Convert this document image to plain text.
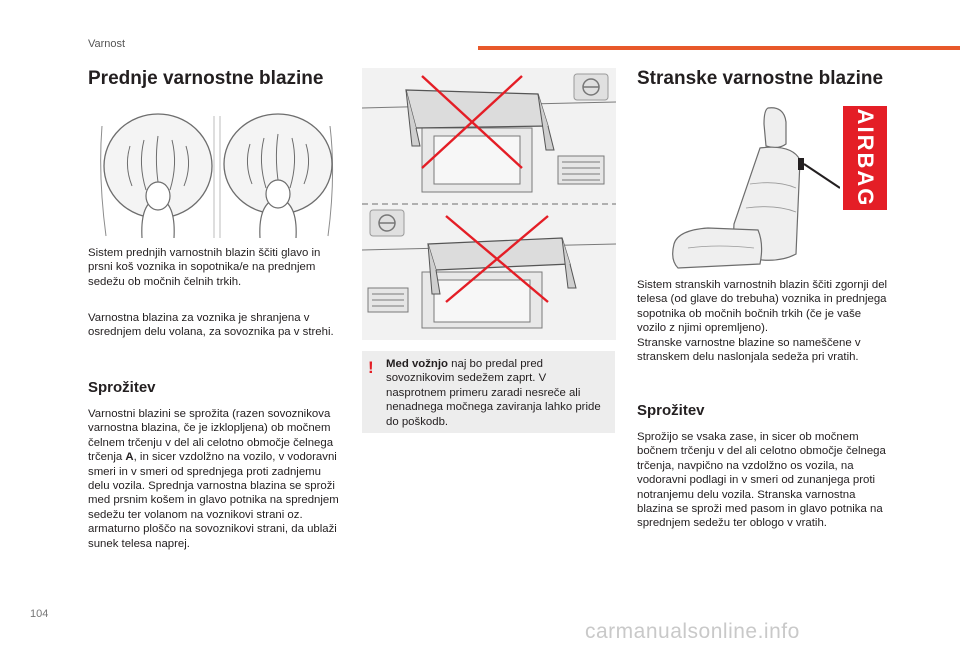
Varnost
Prednje varnostne blazine

Sistem prednjih varnostnih blazin ščiti glavo in prsni koš voznika in sopotnika/e na prednjem sedežu ob močnih čelnih trkih.

Varnostna blazina za voznika je shranjena v osrednjem delu volana, za sovoznika pa v strehi.

Sprožitev

Varnostni blazini se sprožita (razen sovoznikova varnostna blazina, če je izklopljena) ob močnem čelnem trčenju v del ali celotno območje čelnega trčenja A, in sicer vzdolžno na vozilo, v vodoravni smeri in v smeri od sprednjega proti zadnjemu delu vozila. Sprednja varnostna blazina se sproži med prsnim košem in glavo potnika na sprednjem sedežu ter volanom na voznikovi strani oz. armaturno ploščo na sovoznikovi strani, da ublaži sunek telesa naprej.

! Med vožnjo naj bo predal pred sovoznikovim sedežem zaprt. V nasprotnem primeru zaradi nesreče ali nenadnega močnega zaviranja lahko pride do poškodb.

Stranske varnostne blazine
AIRBAG

Sistem stranskih varnostnih blazin ščiti zgornji del telesa (od glave do trebuha) voznika in prednjega sopotnika ob močnih bočnih trkih (če je vaše vozilo z njimi opremljeno).

Stranske varnostne blazine so nameščene v stranskem delu naslonjala sedeža pri vratih.

Sprožitev

Sprožijo se vsaka zase, in sicer ob močnem bočnem trčenju v del ali celotno območje čelnega trčenja, navpično na vzdolžno os vozila, na vodoravni podlagi in v smeri od zunanjega proti notranjemu delu vozila. Stranska varnostna blazina se sproži med pasom in glavo potnika na sprednjem sedežu ter oblogo v vratih.

104
carmanualsonline.info
